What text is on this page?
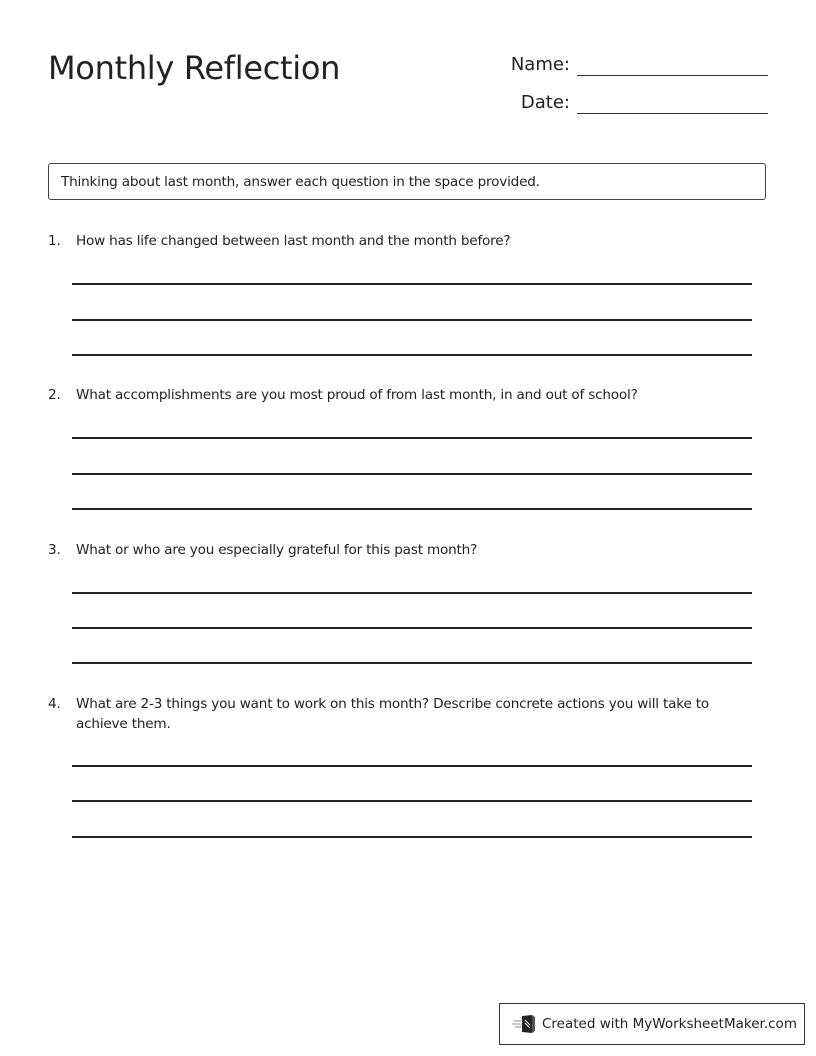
Monthly Reflection	Name:
Date:
Thinking about last month, answer each question in the space provided.
1.	How has life changed between last month and the month before?
2.	What accomplishments are you most proud of from last month, in and out of school?
3.	What or who are you especially grateful for this past month?
4.	What are 2-3 things you want to work on this month? Describe concrete actions you will take to achieve them.
Created with MyWorksheetMaker.com
